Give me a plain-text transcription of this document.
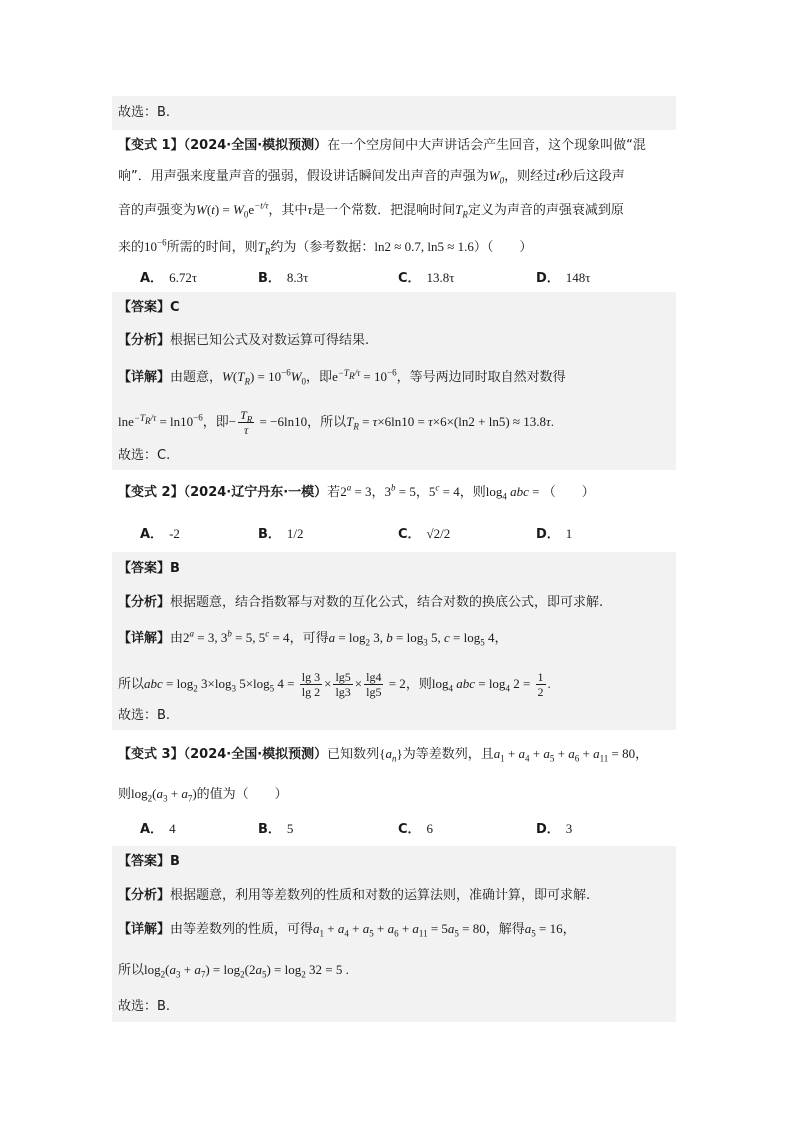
故选：B.
【变式 1】（2024·全国·模拟预测）在一个空房间中大声讲话会产生回音，这个现象叫做“混
响”．用声强来度量声音的强弱，假设讲话瞬间发出声音的声强为$W_0$，则经过t秒后这段声
音的声强变为$W(t) = W_0e^{-t/\tau}$，其中τ是一个常数．把混响时间$T_R$定义为声音的声强衰减到原
来的$10^{-6}$所需的时间，则$T_R$约为（参考数据：ln2 ≈ 0.7, ln5 ≈ 1.6）（　　）
A． 6.72τ	B． 8.3τ	C． 13.8τ	D． 148τ
【答案】C
【分析】根据已知公式及对数运算可得结果.
【详解】由题意，$W(T_R) = 10^{-6}W_0$，即$e^{-T_R/\tau} = 10^{-6}$，等号两边同时取自然对数得
$\ln e^{-T_R/\tau} = \ln 10^{-6}$，即− $\frac{T_R}{\tau} = -6\ln 10$，所以$T_R = \tau\times 6\ln 10 = \tau\times 6\times(\ln 2 + \ln 5) \approx 13.8\tau$.
故选：C.
【变式 2】（2024·辽宁丹东·一模）若$2^a = 3$，$3^b = 5$，$5^c = 4$，则$\log_4$ abc = （　　）
A． -2	B． 1/2	C． √2/2	D． 1
【答案】B
【分析】根据题意，结合指数幂与对数的互化公式，结合对数的换底公式，即可求解.
【详解】由$2^a = 3$, $3^b = 5$, $5^c = 4$，可得$a = \log_2 3$, $b = \log_3 5$, $c = \log_5 4$，
所以abc = $\log_2 3\times\log_3$ $5\times\log_5$ $4 = \frac{\lg 3}{\lg 2} \times \frac{\lg 5}{\lg 3} \times \frac{\lg 4}{\lg 5} = 2$，则$\log_4$ abc = $\log_4 2 = \frac{1}{2}$ .
故选：B.
【变式 3】（2024·全国·模拟预测）已知数列$\{a_n\}$为等差数列，且$a_1 + a_4 + a_5 + a_6 + a_{11} = 80$，
则$\log_2(a_3 + a_7)$的值为（　　）
A． 4	B． 5	C． 6	D． 3
【答案】B
【分析】根据题意，利用等差数列的性质和对数的运算法则，准确计算，即可求解.
【详解】由等差数列的性质，可得$a_1 + a_4 + a_5 + a_6 + a_{11} = 5a_5 = 80$，解得$a_5 = 16$，
所以$\log_2(a_3 + a_7) = \log_2(2a_5) = \log_2 32 = 5$ .
故选：B.
